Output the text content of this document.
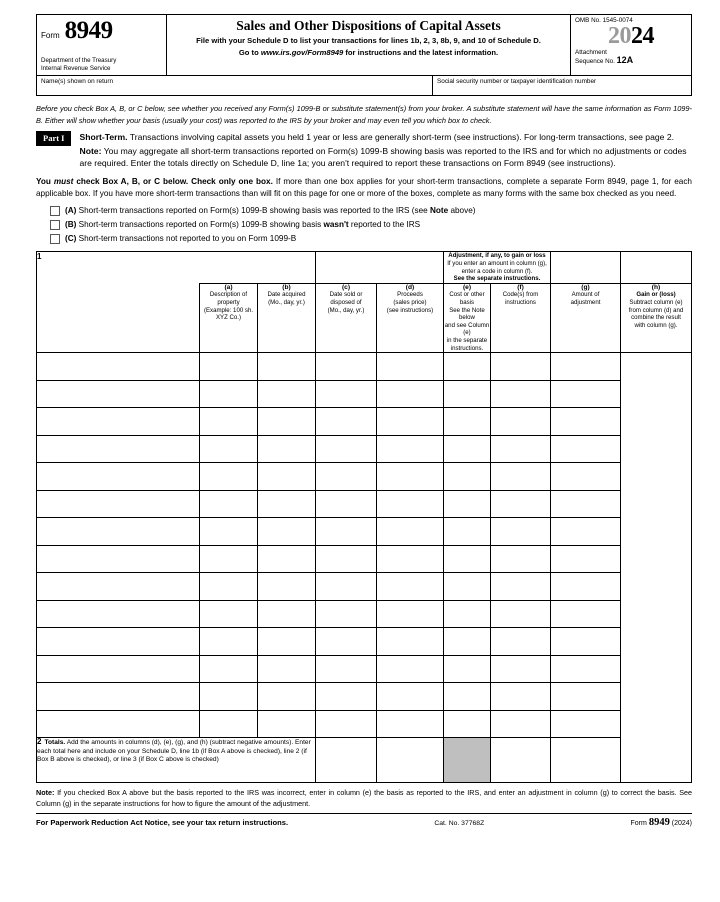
Form 8949
Department of the Treasury
Internal Revenue Service
Sales and Other Dispositions of Capital Assets
File with your Schedule D to list your transactions for lines 1b, 2, 3, 8b, 9, and 10 of Schedule D.
Go to www.irs.gov/Form8949 for instructions and the latest information.
OMB No. 1545-0074
2024
Attachment
Sequence No. 12A
Name(s) shown on return	Social security number or taxpayer identification number
Before you check Box A, B, or C below, see whether you received any Form(s) 1099-B or substitute statement(s) from your broker. A substitute statement will have the same information as Form 1099-B. Either will show whether your basis (usually your cost) was reported to the IRS by your broker and may even tell you which box to check.
Part I	Short-Term. Transactions involving capital assets you held 1 year or less are generally short-term (see instructions). For long-term transactions, see page 2.
Note: You may aggregate all short-term transactions reported on Form(s) 1099-B showing basis was reported to the IRS and for which no adjustments or codes are required. Enter the totals directly on Schedule D, line 1a; you aren't required to report these transactions on Form 8949 (see instructions).
You must check Box A, B, or C below. Check only one box. If more than one box applies for your short-term transactions, complete a separate Form 8949, page 1, for each applicable box. If you have more short-term transactions than will fit on this page for one or more of the boxes, complete as many forms with the same box checked as you need.
(A) Short-term transactions reported on Form(s) 1099-B showing basis was reported to the IRS (see Note above)
(B) Short-term transactions reported on Form(s) 1099-B showing basis wasn't reported to the IRS
(C) Short-term transactions not reported to you on Form 1099-B
1					Adjustment, if any, to gain or loss
If you enter an amount in column (g),
enter a code in column (f).
See the separate instructions.			
(a)
Description of property
(Example: 100 sh. XYZ Co.)	(b)
Date acquired
(Mo., day, yr.)	(c)
Date sold or
disposed of
(Mo., day, yr.)	(d)
Proceeds
(sales price)
(see instructions)	(e)
Cost or other basis
See the Note below
and see Column (e)
in the separate
instructions.	(f)
Code(s) from
instructions	(g)
Amount of
adjustment	(h)
Gain or (loss)
Subtract column (e)
from column (d) and
combine the result
with column (g).

2 Totals. Add the amounts in columns (d), (e), (g), and (h) (subtract negative amounts). Enter each total here and include on your Schedule D, line 1b (if Box A above is checked), line 2 (if Box B above is checked), or line 3 (if Box C above is checked)								
Note: If you checked Box A above but the basis reported to the IRS was incorrect, enter in column (e) the basis as reported to the IRS, and enter an adjustment in column (g) to correct the basis. See Column (g) in the separate instructions for how to figure the amount of the adjustment.
For Paperwork Reduction Act Notice, see your tax return instructions.	Cat. No. 37768Z	Form 8949 (2024)
